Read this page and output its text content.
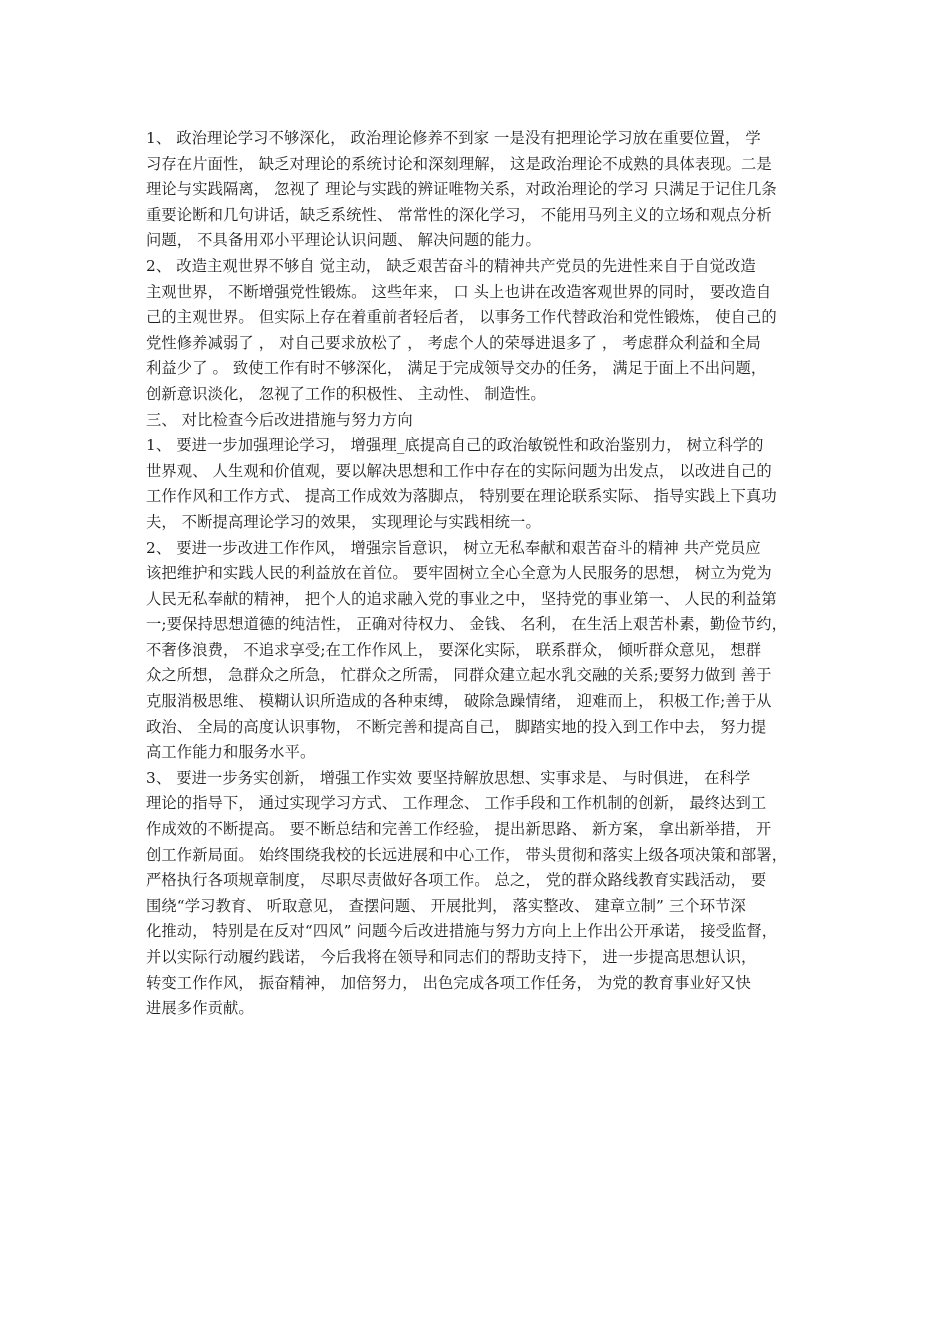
1、 政治理论学习不够深化， 政治理论修养不到家 一是没有把理论学习放在重要位置， 学
习存在片面性， 缺乏对理论的系统讨论和深刻理解， 这是政治理论不成熟的具体表现。二是
理论与实践隔离， 忽视了 理论与实践的辨证唯物关系，对政治理论的学习 只满足于记住几条
重要论断和几句讲话，缺乏系统性、 常常性的深化学习， 不能用马列主义的立场和观点分析
问题， 不具备用邓小平理论认识问题、 解决问题的能力。
2、 改造主观世界不够自 觉主动， 缺乏艰苦奋斗的精神共产党员的先进性来自于自觉改造
主观世界， 不断增强党性锻炼。 这些年来， 口 头上也讲在改造客观世界的同时， 要改造自
己的主观世界。 但实际上存在着重前者轻后者， 以事务工作代替政治和党性锻炼， 使自己的
党性修养减弱了 ， 对自己要求放松了 ， 考虑个人的荣辱进退多了 ， 考虑群众利益和全局
利益少了 。 致使工作有时不够深化， 满足于完成领导交办的任务， 满足于面上不出问题，
创新意识淡化， 忽视了工作的积极性、 主动性、 制造性。
三、 对比检查今后改进措施与努力方向
1、 要进一步加强理论学习， 增强理_底提高自己的政治敏锐性和政治鉴别力， 树立科学的
世界观、 人生观和价值观，要以解决思想和工作中存在的实际问题为出发点， 以改进自己的
工作作风和工作方式、 提高工作成效为落脚点， 特别要在理论联系实际、 指导实践上下真功
夫， 不断提高理论学习的效果， 实现理论与实践相统一。
2、 要进一步改进工作作风， 增强宗旨意识， 树立无私奉献和艰苦奋斗的精神 共产党员应
该把维护和实践人民的利益放在首位。 要牢固树立全心全意为人民服务的思想， 树立为党为
人民无私奉献的精神， 把个人的追求融入党的事业之中， 坚持党的事业第一、 人民的利益第
一;要保持思想道德的纯洁性， 正确对待权力、 金钱、 名利， 在生活上艰苦朴素，勤俭节约，
不奢侈浪费， 不追求享受;在工作作风上， 要深化实际， 联系群众， 倾听群众意见， 想群
众之所想， 急群众之所急， 忙群众之所需， 同群众建立起水乳交融的关系;要努力做到 善于
克服消极思维、 模糊认识所造成的各种束缚， 破除急躁情绪， 迎难而上， 积极工作;善于从
政治、 全局的高度认识事物， 不断完善和提高自己， 脚踏实地的投入到工作中去， 努力提
高工作能力和服务水平。
3、 要进一步务实创新， 增强工作实效 要坚持解放思想、实事求是、 与时俱进， 在科学
理论的指导下， 通过实现学习方式、 工作理念、 工作手段和工作机制的创新， 最终达到工
作成效的不断提高。 要不断总结和完善工作经验， 提出新思路、 新方案， 拿出新举措， 开
创工作新局面。 始终围绕我校的长远进展和中心工作， 带头贯彻和落实上级各项决策和部署，
严格执行各项规章制度， 尽职尽责做好各项工作。 总之， 党的群众路线教育实践活动， 要
围绕“学习教育、 听取意见， 查摆问题、 开展批判， 落实整改、 建章立制” 三个环节深
化推动， 特别是在反对“四风” 问题今后改进措施与努力方向上上作出公开承诺， 接受监督，
并以实际行动履约践诺， 今后我将在领导和同志们的帮助支持下， 进一步提高思想认识，
转变工作作风， 振奋精神， 加倍努力， 出色完成各项工作任务， 为党的教育事业好又快
进展多作贡献。
